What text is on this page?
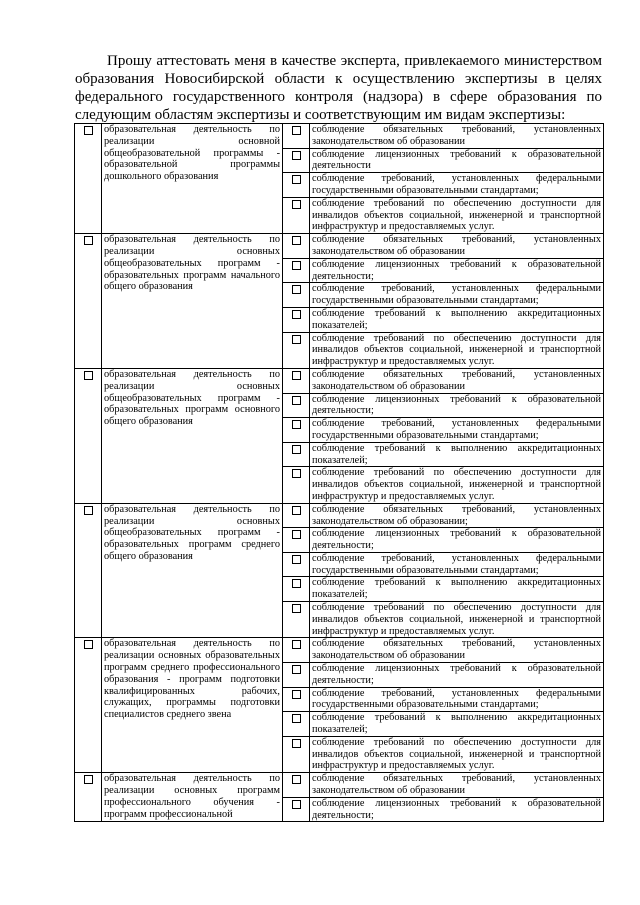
Прошу аттестовать меня в качестве эксперта, привлекаемого министерством образования Новосибирской области к осуществлению экспертизы в целях федерального государственного контроля (надзора) в сфере образования по следующим областям экспертизы и соответствующим им видам экспертизы:

	образовательная деятельность по реализации основной общеобразовательной программы - образовательной программы дошкольного образования		соблюдение обязательных требований, установленных законодательством об образовании
			соблюдение лицензионных требований к образовательной деятельности
			соблюдение требований, установленных федеральными государственными образовательными стандартами;
			соблюдение требований по обеспечению доступности для инвалидов объектов социальной, инженерной и транспортной инфраструктур и предоставляемых услуг.

	образовательная деятельность по реализации основных общеобразовательных программ - образовательных программ начального общего образования		соблюдение обязательных требований, установленных законодательством об образовании
			соблюдение лицензионных требований к образовательной деятельности;
			соблюдение требований, установленных федеральными государственными образовательными стандартами;
			соблюдение требований к выполнению аккредитационных показателей;
			соблюдение требований по обеспечению доступности для инвалидов объектов социальной, инженерной и транспортной инфраструктур и предоставляемых услуг.

	образовательная деятельность по реализации основных общеобразовательных программ - образовательных программ основного общего образования		соблюдение обязательных требований, установленных законодательством об образовании
			соблюдение лицензионных требований к образовательной деятельности;
			соблюдение требований, установленных федеральными государственными образовательными стандартами;
			соблюдение требований к выполнению аккредитационных показателей;
			соблюдение требований по обеспечению доступности для инвалидов объектов социальной, инженерной и транспортной инфраструктур и предоставляемых услуг.

	образовательная деятельность по реализации основных общеобразовательных программ - образовательных программ среднего общего образования		соблюдение обязательных требований, установленных законодательством об образовании;
			соблюдение лицензионных требований к образовательной деятельности;
			соблюдение требований, установленных федеральными государственными образовательными стандартами;
			соблюдение требований к выполнению аккредитационных показателей;
			соблюдение требований по обеспечению доступности для инвалидов объектов социальной, инженерной и транспортной инфраструктур и предоставляемых услуг.

	образовательная деятельность по реализации основных образовательных программ среднего профессионального образования - программ подготовки квалифицированных рабочих, служащих, программы подготовки специалистов среднего звена		соблюдение обязательных требований, установленных законодательством об образовании
			соблюдение лицензионных требований к образовательной деятельности;
			соблюдение требований, установленных федеральными государственными образовательными стандартами;
			соблюдение требований к выполнению аккредитационных показателей;
			соблюдение требований по обеспечению доступности для инвалидов объектов социальной, инженерной и транспортной инфраструктур и предоставляемых услуг.

	образовательная деятельность по реализации основных программ профессионального обучения - программ профессиональной		соблюдение обязательных требований, установленных законодательством об образовании
			соблюдение лицензионных требований к образовательной деятельности;
